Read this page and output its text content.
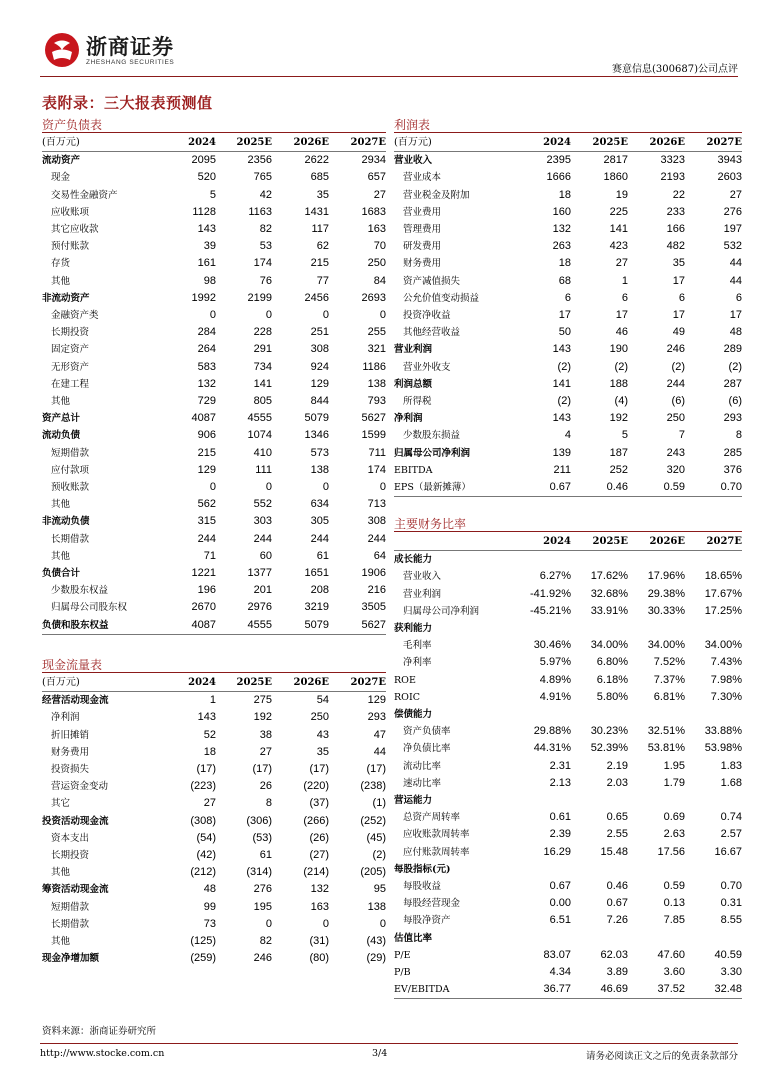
浙商证券
ZHESHANG SECURITIES
赛意信息(300687)公司点评
表附录：三大报表预测值
资产负债表
(百万元)	2024	2025E	2026E	2027E
流动资产	2095	2356	2622	2934
现金	520	765	685	657
交易性金融资产	5	42	35	27
应收账项	1128	1163	1431	1683
其它应收款	143	82	117	163
预付账款	39	53	62	70
存货	161	174	215	250
其他	98	76	77	84
非流动资产	1992	2199	2456	2693
金融资产类	0	0	0	0
长期投资	284	228	251	255
固定资产	264	291	308	321
无形资产	583	734	924	1186
在建工程	132	141	129	138
其他	729	805	844	793
资产总计	4087	4555	5079	5627
流动负债	906	1074	1346	1599
短期借款	215	410	573	711
应付款项	129	111	138	174
预收账款	0	0	0	0
其他	562	552	634	713
非流动负债	315	303	305	308
长期借款	244	244	244	244
其他	71	60	61	64
负债合计	1221	1377	1651	1906
少数股东权益	196	201	208	216
归属母公司股东权	2670	2976	3219	3505
负债和股东权益	4087	4555	5079	5627
现金流量表
(百万元)	2024	2025E	2026E	2027E
经营活动现金流	1	275	54	129
净利润	143	192	250	293
折旧摊销	52	38	43	47
财务费用	18	27	35	44
投资损失	(17)	(17)	(17)	(17)
营运资金变动	(223)	26	(220)	(238)
其它	27	8	(37)	(1)
投资活动现金流	(308)	(306)	(266)	(252)
资本支出	(54)	(53)	(26)	(45)
长期投资	(42)	61	(27)	(2)
其他	(212)	(314)	(214)	(205)
筹资活动现金流	48	276	132	95
短期借款	99	195	163	138
长期借款	73	0	0	0
其他	(125)	82	(31)	(43)
现金净增加额	(259)	246	(80)	(29)
利润表
(百万元)	2024	2025E	2026E	2027E
营业收入	2395	2817	3323	3943
营业成本	1666	1860	2193	2603
营业税金及附加	18	19	22	27
营业费用	160	225	233	276
管理费用	132	141	166	197
研发费用	263	423	482	532
财务费用	18	27	35	44
资产减值损失	68	1	17	44
公允价值变动损益	6	6	6	6
投资净收益	17	17	17	17
其他经营收益	50	46	49	48
营业利润	143	190	246	289
营业外收支	(2)	(2)	(2)	(2)
利润总额	141	188	244	287
所得税	(2)	(4)	(6)	(6)
净利润	143	192	250	293
少数股东损益	4	5	7	8
归属母公司净利润	139	187	243	285
EBITDA	211	252	320	376
EPS（最新摊薄）	0.67	0.46	0.59	0.70
主要财务比率
	2024	2025E	2026E	2027E
成长能力				
营业收入	6.27%	17.62%	17.96%	18.65%
营业利润	-41.92%	32.68%	29.38%	17.67%
归属母公司净利润	-45.21%	33.91%	30.33%	17.25%
获利能力				
毛利率	30.46%	34.00%	34.00%	34.00%
净利率	5.97%	6.80%	7.52%	7.43%
ROE	4.89%	6.18%	7.37%	7.98%
ROIC	4.91%	5.80%	6.81%	7.30%
偿债能力				
资产负债率	29.88%	30.23%	32.51%	33.88%
净负债比率	44.31%	52.39%	53.81%	53.98%
流动比率	2.31	2.19	1.95	1.83
速动比率	2.13	2.03	1.79	1.68
营运能力				
总资产周转率	0.61	0.65	0.69	0.74
应收账款周转率	2.39	2.55	2.63	2.57
应付账款周转率	16.29	15.48	17.56	16.67
每股指标(元)				
每股收益	0.67	0.46	0.59	0.70
每股经营现金	0.00	0.67	0.13	0.31
每股净资产	6.51	7.26	7.85	8.55
估值比率				
P/E	83.07	62.03	47.60	40.59
P/B	4.34	3.89	3.60	3.30
EV/EBITDA	36.77	46.69	37.52	32.48
资料来源：浙商证券研究所
http://www.stocke.com.cn	3/4	请务必阅读正文之后的免责条款部分
